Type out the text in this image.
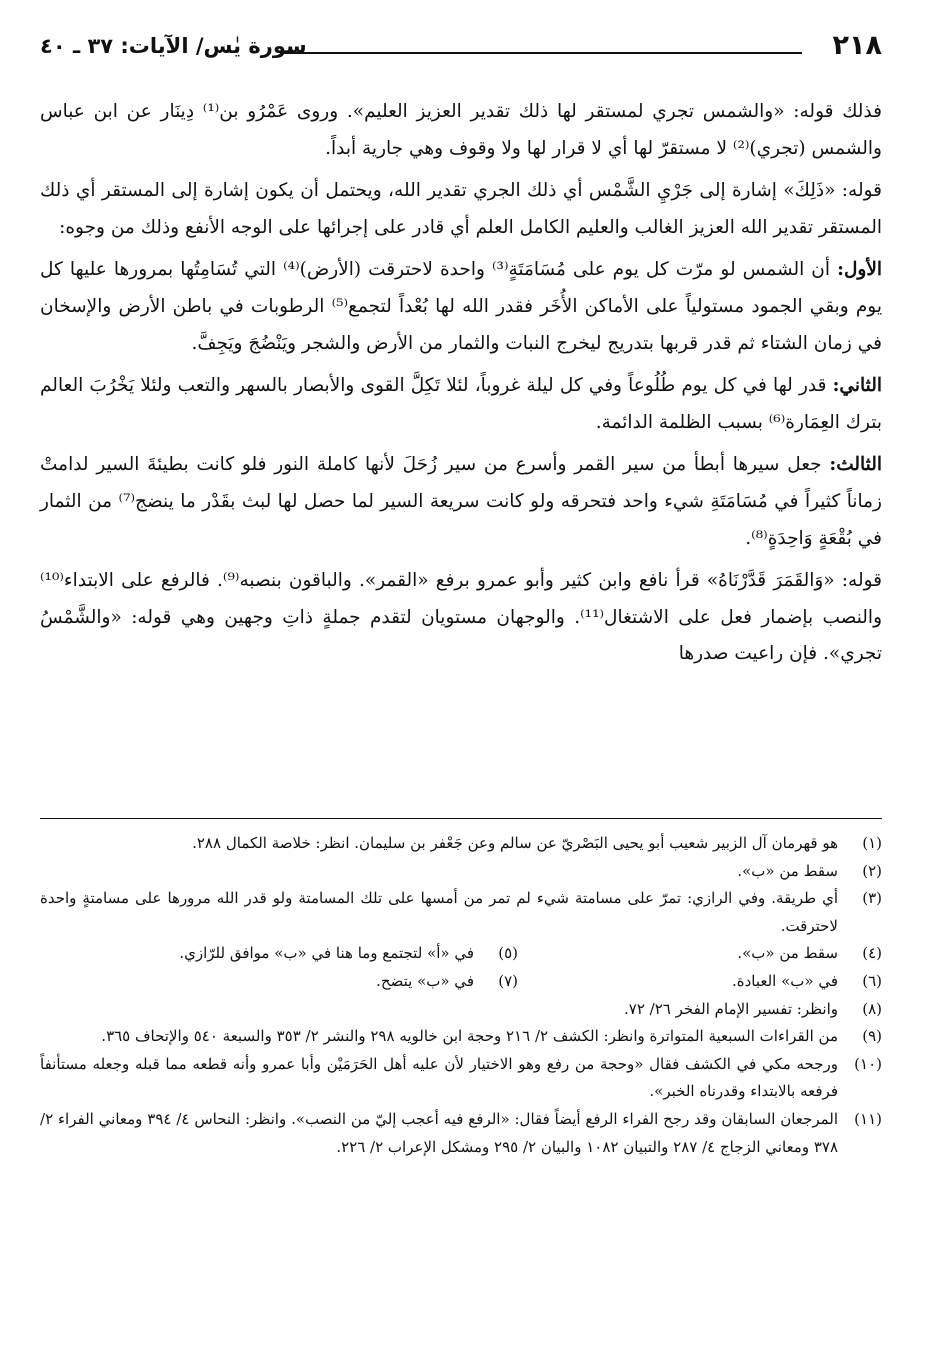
٢١٨
سورة يٰس/ الآيات: ٣٧ ـ ٤٠

فذلك قوله: «والشمس تجري لمستقر لها ذلك تقدير العزيز العليم». وروى عَمْرُو بن⁽¹⁾ دِينَار عن ابن عباس والشمس (تجري)⁽²⁾ لا مستقرّ لها أي لا قرار لها ولا وقوف وهي جارية أبداً.

قوله: «ذَلِكَ» إشارة إلى جَرْيِ الشَّمْس أي ذلك الجري تقدير الله، ويحتمل أن يكون إشارة إلى المستقر أي ذلك المستقر تقدير الله العزيز الغالب والعليم الكامل العلم أي قادر على إجرائها على الوجه الأنفع وذلك من وجوه:

الأول: أن الشمس لو مرّت كل يوم على مُسَامَتَةٍ⁽³⁾ واحدة لاحترقت (الأرض)⁽⁴⁾ التي تُسَامِتُها بمرورها عليها كل يوم وبقي الجمود مستولياً على الأماكن الأُخَر فقدر الله لها بُعْداً لتجمع⁽⁵⁾ الرطوبات في باطن الأرض والإسخان في زمان الشتاء ثم قدر قربها بتدريج ليخرج النبات والثمار من الأرض والشجر ويَنْضُجَ ويَجِفَّ.

الثاني: قدر لها في كل يوم طُلُوعاً وفي كل ليلة غروباً، لئلا تَكِلَّ القوى والأبصار بالسهر والتعب ولئلا يَخْرُبَ العالم بترك العِمَارة⁽⁶⁾ بسبب الظلمة الدائمة.

الثالث: جعل سيرها أبطأ من سير القمر وأسرع من سير زُحَلَ لأنها كاملة النور فلو كانت بطيئةَ السير لدامتْ زماناً كثيراً في مُسَامَتَةِ شيء واحد فتحرقه ولو كانت سريعة السير لما حصل لها لبث بقَدْر ما ينضج⁽⁷⁾ من الثمار في بُقْعَةٍ وَاحِدَةٍ⁽⁸⁾.

قوله: «وَالقَمَرَ قَدَّرْنَاهُ» قرأ نافع وابن كثير وأبو عمرو برفع «القمر». والباقون بنصبه⁽⁹⁾. فالرفع على الابتداء⁽¹⁰⁾ والنصب بإضمار فعل على الاشتغال⁽¹¹⁾. والوجهان مستويان لتقدم جملةٍ ذاتِ وجهين وهي قوله: «والشَّمْسُ تجري». فإن راعيت صدرها

(١)
هو قهرمان آل الزبير شعيب أبو يحيى البَصْريّ عن سالم وعن جَعْفر بن سليمان. انظر: خلاصة الكمال ٢٨٨.
(٢)
سقط من «ب».
(٣)
أي طريقة. وفي الرازي: تمرّ على مسامتة شيء لم تمر من أمسها على تلك المسامتة ولو قدر الله مرورها على مسامتةٍ واحدة لاحترقت.
(٤)
سقط من «ب».
(٥)
في «أ» لتجتمع وما هنا في «ب» موافق للرّازي.
(٦)
في «ب» العبادة.
(٧)
في «ب» يتضح.
(٨)
وانظر: تفسير الإمام الفخر ٢٦/ ٧٢.
(٩)
من القراءات السبعية المتواترة وانظر: الكشف ٢/ ٢١٦ وحجة ابن خالويه ٢٩٨ والنشر ٢/ ٣٥٣ والسبعة ٥٤٠ والإتحاف ٣٦٥.
(١٠)
ورجحه مكي في الكشف فقال «وحجة من رفع وهو الاختيار لأن عليه أهل الحَرَمَيْن وأبا عمرو وأنه قطعه مما قبله وجعله مستأنفاً فرفعه بالابتداء وقدرناه الخبر».
(١١)
المرجعان السابقان وقد رجح الفراء الرفع أيضاً فقال: «الرفع فيه أعجب إليّ من النصب». وانظر: النحاس ٤/ ٣٩٤ ومعاني الفراء ٢/ ٣٧٨ ومعاني الزجاج ٤/ ٢٨٧ والتبيان ١٠٨٢ والبيان ٢/ ٢٩٥ ومشكل الإعراب ٢/ ٢٢٦.
